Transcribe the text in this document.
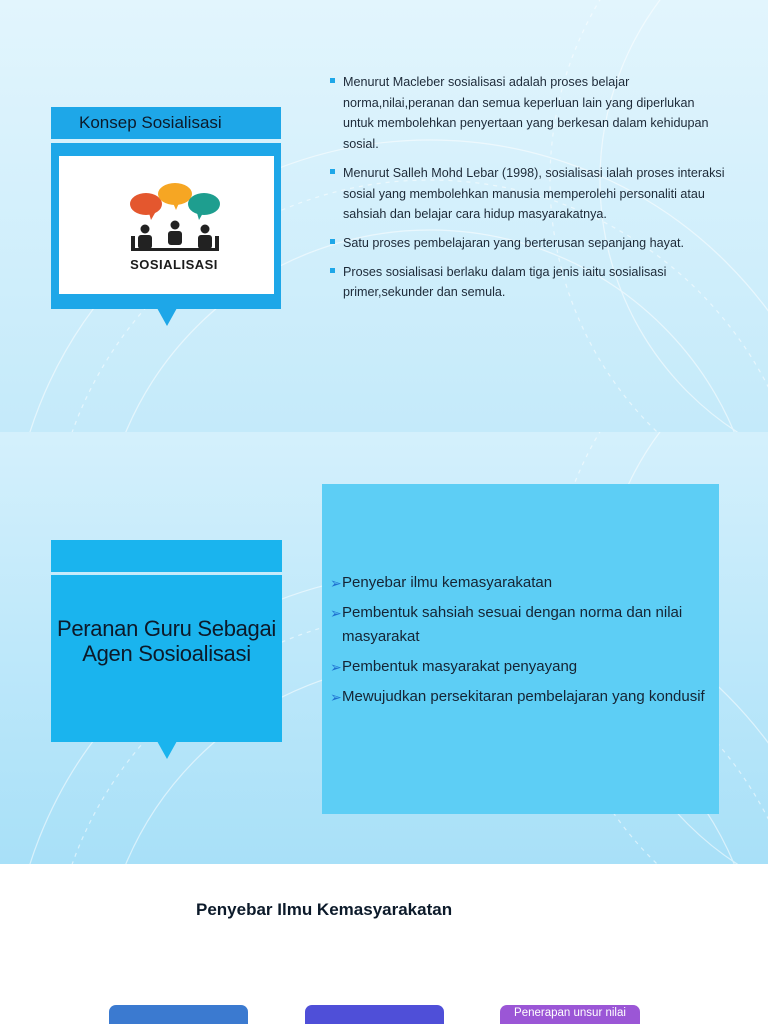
Konsep Sosialisasi
SOSIALISASI
Menurut Macleber sosialisasi adalah proses belajar norma,nilai,peranan dan semua keperluan lain yang diperlukan untuk membolehkan penyertaan yang berkesan dalam kehidupan sosial.
Menurut Salleh Mohd Lebar (1998), sosialisasi ialah proses interaksi sosial yang membolehkan manusia memperolehi personaliti atau sahsiah dan belajar cara hidup masyarakatnya.
Satu proses pembelajaran yang berterusan sepanjang hayat.
Proses sosialisasi berlaku dalam tiga jenis iaitu sosialisasi primer,sekunder dan semula.
Peranan Guru Sebagai Agen Sosioalisasi
➢ Penyebar ilmu kemasyarakatan
➢ Pembentuk sahsiah sesuai dengan norma dan nilai masyarakat
➢ Pembentuk masyarakat penyayang
➢ Mewujudkan persekitaran pembelajaran yang kondusif
Penyebar Ilmu Kemasyarakatan
Penerapan unsur nilai
